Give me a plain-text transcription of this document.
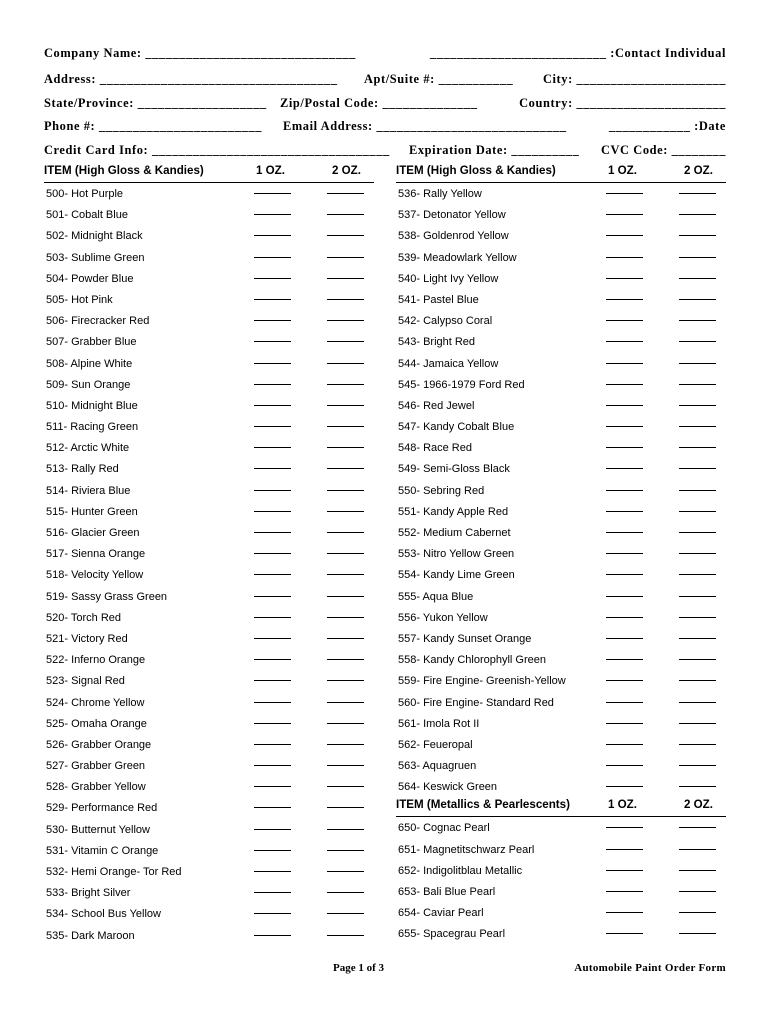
Company Name: _______________________________	__________________________ :Contact Individual
Address: ___________________________________ Apt/Suite #: ___________ City: ______________________
State/Province: ___________________ Zip/Postal Code: ______________	Country: ______________________
Phone #: ________________________ Email Address: ____________________________	____________ :Date
Credit Card Info: ___________________________________ Expiration Date: __________ CVC Code: ________
ITEM (High Gloss & Kandies)	1 OZ.	2 OZ.
500- Hot Purple
501- Cobalt Blue
502- Midnight Black
503- Sublime Green
504- Powder Blue
505- Hot Pink
506- Firecracker Red
507- Grabber Blue
508- Alpine White
509- Sun Orange
510- Midnight Blue
511- Racing Green
512- Arctic White
513- Rally Red
514- Riviera Blue
515- Hunter Green
516- Glacier Green
517- Sienna Orange
518- Velocity Yellow
519- Sassy Grass Green
520- Torch Red
521- Victory Red
522- Inferno Orange
523- Signal Red
524- Chrome Yellow
525- Omaha Orange
526- Grabber Orange
527- Grabber Green
528- Grabber Yellow
529- Performance Red
530- Butternut Yellow
531- Vitamin C Orange
532- Hemi Orange- Tor Red
533- Bright Silver
534- School Bus Yellow
535- Dark Maroon
ITEM (High Gloss & Kandies)	1 OZ.	2 OZ.
536- Rally Yellow
537- Detonator Yellow
538- Goldenrod Yellow
539- Meadowlark Yellow
540- Light Ivy Yellow
541- Pastel Blue
542- Calypso Coral
543- Bright Red
544- Jamaica Yellow
545- 1966-1979 Ford Red
546- Red Jewel
547- Kandy Cobalt Blue
548- Race Red
549- Semi-Gloss Black
550- Sebring Red
551- Kandy Apple Red
552- Medium Cabernet
553- Nitro Yellow Green
554- Kandy Lime Green
555- Aqua Blue
556- Yukon Yellow
557- Kandy Sunset Orange
558- Kandy Chlorophyll Green
559- Fire Engine- Greenish-Yellow
560- Fire Engine- Standard Red
561- Imola Rot II
562- Feueropal
563- Aquagruen
564- Keswick Green
ITEM (Metallics & Pearlescents)	1 OZ.	2 OZ.
650- Cognac Pearl
651- Magnetitschwarz Pearl
652- Indigolitblau Metallic
653- Bali Blue Pearl
654- Caviar Pearl
655- Spacegrau Pearl
Page 1 of 3	Automobile Paint Order Form
